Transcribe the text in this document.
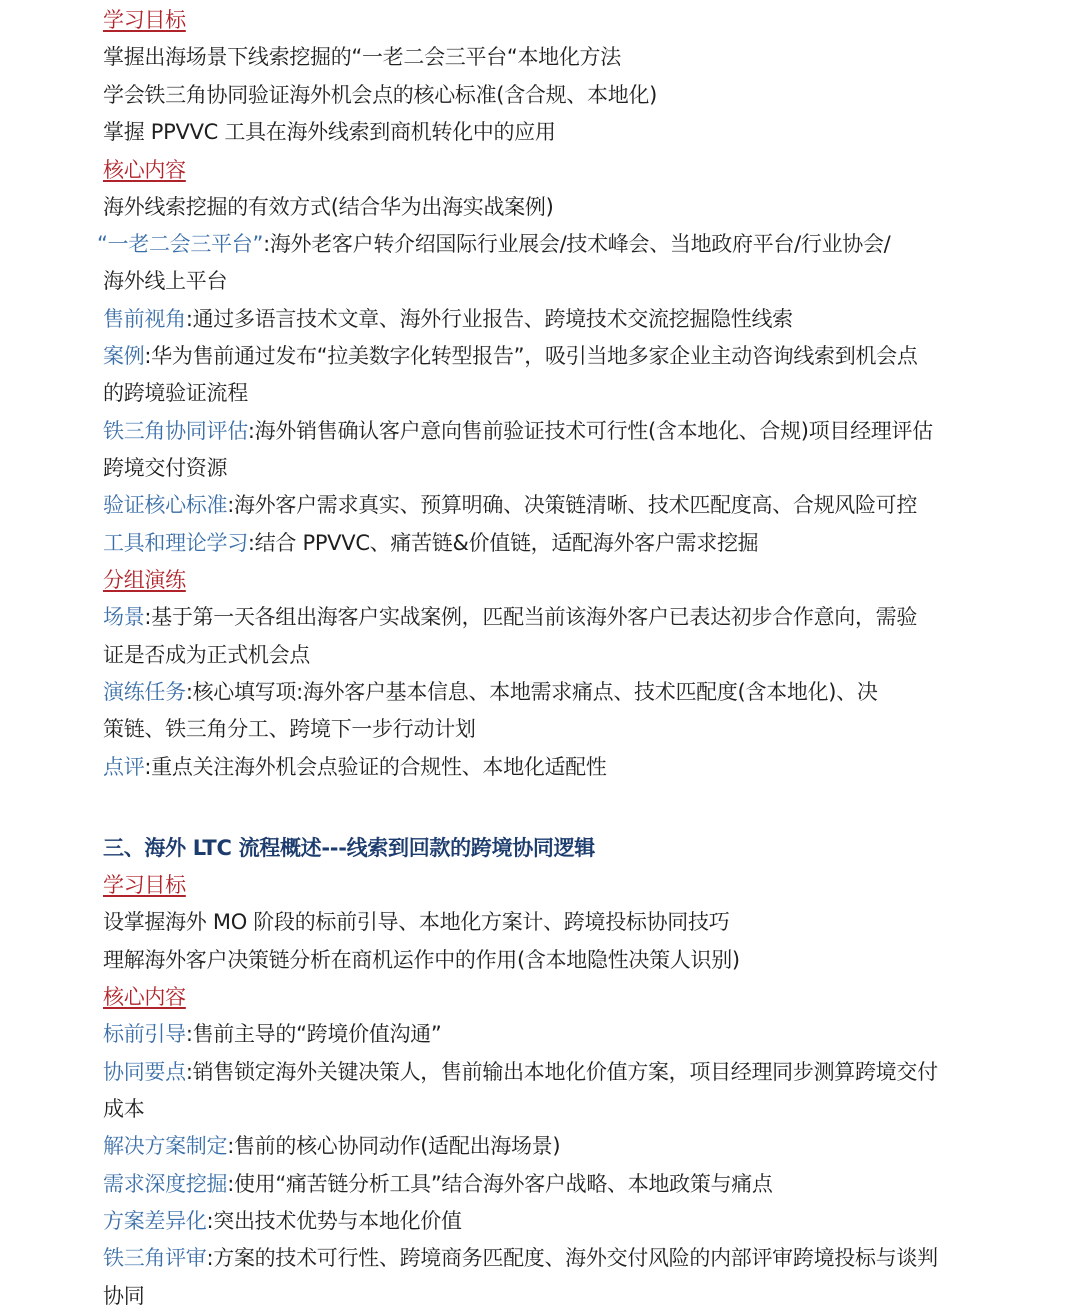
学习目标
掌握出海场景下线索挖掘的“一老二会三平台“本地化方法
学会铁三角协同验证海外机会点的核心标准(含合规、本地化)
掌握 PPVVC 工具在海外线索到商机转化中的应用
核心内容
海外线索挖掘的有效方式(结合华为出海实战案例)
“一老二会三平台”:海外老客户转介绍国际行业展会/技术峰会、当地政府平台/行业协会/
海外线上平台
售前视角:通过多语言技术文章、海外行业报告、跨境技术交流挖掘隐性线索
案例:华为售前通过发布“拉美数字化转型报告”，吸引当地多家企业主动咨询线索到机会点
的跨境验证流程
铁三角协同评估:海外销售确认客户意向售前验证技术可行性(含本地化、合规)项目经理评估
跨境交付资源
验证核心标准:海外客户需求真实、预算明确、决策链清晰、技术匹配度高、合规风险可控
工具和理论学习:结合 PPVVC、痛苦链&价值链，适配海外客户需求挖掘
分组演练
场景:基于第一天各组出海客户实战案例，匹配当前该海外客户已表达初步合作意向，需验
证是否成为正式机会点
演练任务:核心填写项:海外客户基本信息、本地需求痛点、技术匹配度(含本地化)、决
策链、铁三角分工、跨境下一步行动计划
点评:重点关注海外机会点验证的合规性、本地化适配性
三、海外 LTC 流程概述---线索到回款的跨境协同逻辑
学习目标
设掌握海外 MO 阶段的标前引导、本地化方案计、跨境投标协同技巧
理解海外客户决策链分析在商机运作中的作用(含本地隐性决策人识别)
核心内容
标前引导:售前主导的“跨境价值沟通”
协同要点:销售锁定海外关键决策人，售前输出本地化价值方案，项目经理同步测算跨境交付
成本
解决方案制定:售前的核心协同动作(适配出海场景)
需求深度挖掘:使用“痛苦链分析工具”结合海外客户战略、本地政策与痛点
方案差异化:突出技术优势与本地化价值
铁三角评审:方案的技术可行性、跨境商务匹配度、海外交付风险的内部评审跨境投标与谈判
协同
